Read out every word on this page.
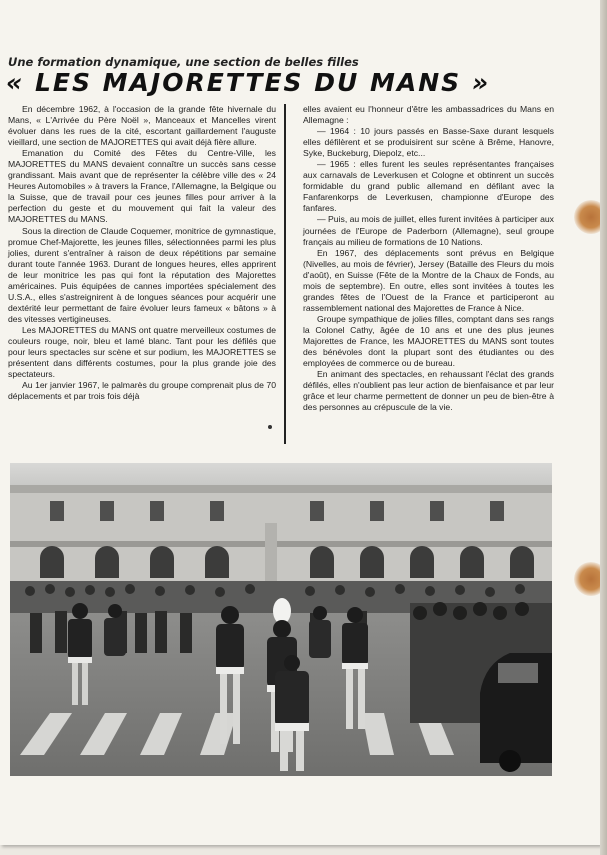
Une formation dynamique, une section de belles filles
« LES MAJORETTES DU MANS »

En décembre 1962, à l'occasion de la grande fête hivernale du Mans, « L'Arrivée du Père Noël », Manceaux et Mancelles virent évoluer dans les rues de la cité, escortant gaillardement l'auguste vieillard, une section de MAJORETTES qui avait déjà fière allure.

Emanation du Comité des Fêtes du Centre-Ville, les MAJORETTES du MANS devaient connaître un succès sans cesse grandissant. Mais avant que de représenter la célèbre ville des « 24 Heures Automobiles » à travers la France, l'Allemagne, la Belgique ou la Suisse, que de travail pour ces jeunes filles pour arriver à la perfection du geste et du mouvement qui fait la valeur des MAJORETTES du MANS.

Sous la direction de Claude Coquemer, monitrice de gymnastique, promue Chef-Majorette, les jeunes filles, sélectionnées parmi les plus jolies, durent s'entraîner à raison de deux répétitions par semaine durant toute l'année 1963. Durant de longues heures, elles apprirent de leur monitrice les pas qui font la réputation des Majorettes américaines. Puis équipées de cannes importées spécialement des U.S.A., elles s'astreignirent à de longues séances pour acquérir une dextérité leur permettant de faire évoluer leurs fameux « bâtons » à des vitesses vertigineuses.

Les MAJORETTES du MANS ont quatre merveilleux costumes de couleurs rouge, noir, bleu et lamé blanc. Tant pour les défilés que pour leurs spectacles sur scène et sur podium, les MAJORETTES se présentent dans différents costumes, pour la plus grande joie des spectateurs.

Au 1er janvier 1967, le palmarès du groupe comprenait plus de 70 déplacements et par trois fois déjà

elles avaient eu l'honneur d'être les ambassadrices du Mans en Allemagne :

— 1964 : 10 jours passés en Basse-Saxe durant lesquels elles défilèrent et se produisirent sur scène à Brême, Hanovre, Syke, Buckeburg, Diepolz, etc...

— 1965 : elles furent les seules représentantes françaises aux carnavals de Leverkusen et Cologne et obtinrent un succès formidable du grand public allemand en défilant avec la Fanfarenkorps de Leverkusen, championne d'Europe des fanfares.

— Puis, au mois de juillet, elles furent invitées à participer aux journées de l'Europe de Paderborn (Allemagne), seul groupe français au milieu de formations de 10 Nations.

En 1967, des déplacements sont prévus en Belgique (Nivelles, au mois de février), Jersey (Bataille des Fleurs du mois d'août), en Suisse (Fête de la Montre de la Chaux de Fonds, au mois de septembre). En outre, elles sont invitées à toutes les grandes fêtes de l'Ouest de la France et participeront au rassemblement national des Majorettes de France à Nice.

Groupe sympathique de jolies filles, comptant dans ses rangs la Colonel Cathy, âgée de 10 ans et une des plus jeunes Majorettes de France, les MAJORETTES du MANS sont toutes des bénévoles dont la plupart sont des étudiantes ou des employées de commerce ou de bureau.

En animant des spectacles, en rehaussant l'éclat des grands défilés, elles n'oublient pas leur action de bienfaisance et par leur grâce et leur charme permettent de donner un peu de bien-être à des personnes au crépuscule de la vie.
